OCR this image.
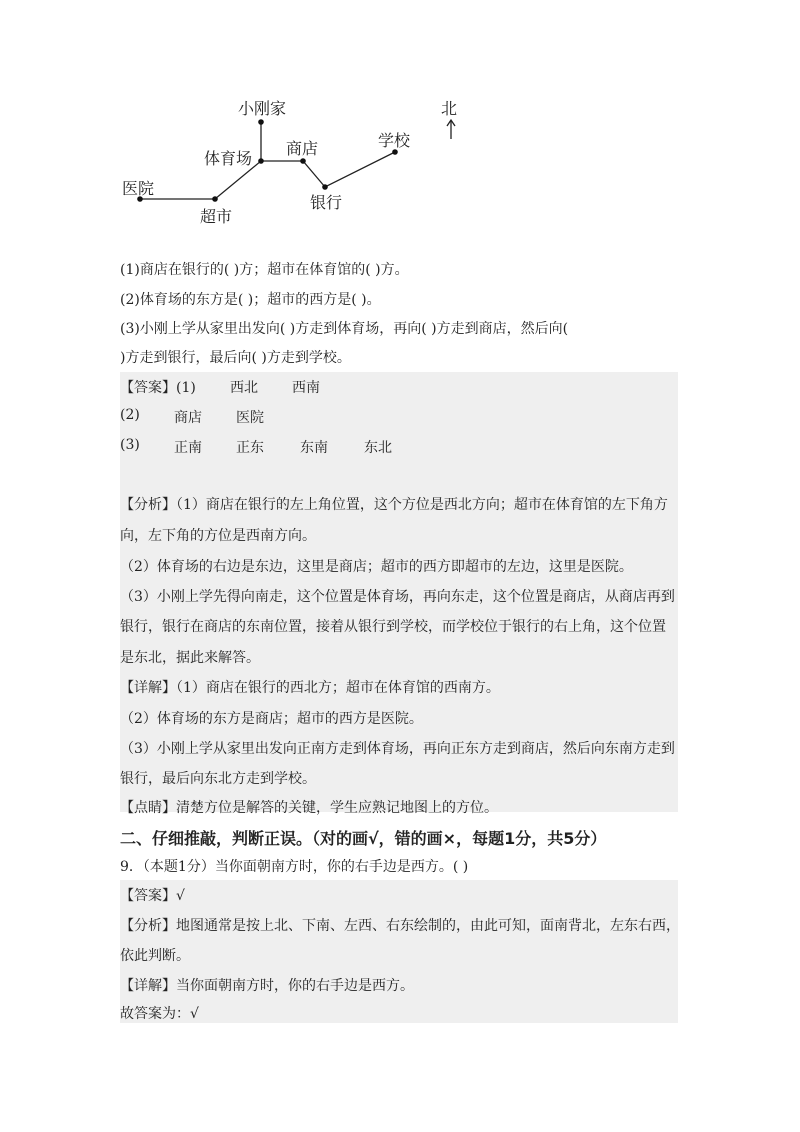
小刚家	北
商店	学校
体育场
医院
银行
超市
(1)商店在银行的( )方；超市在体育馆的( )方。
(2)体育场的东方是( )；超市的西方是( )。
(3)小刚上学从家里出发向( )方走到体育场，再向( )方走到商店，然后向(
)方走到银行，最后向( )方走到学校。
【答案】(1) 西北 西南
(2) 商店 医院
(3) 正南 正东	东南	东北
【分析】（1）商店在银行的左上角位置，这个方位是西北方向；超市在体育馆的左下角方
向，左下角的方位是西南方向。
（2）体育场的右边是东边，这里是商店；超市的西方即超市的左边，这里是医院。
（3）小刚上学先得向南走，这个位置是体育场，再向东走，这个位置是商店，从商店再到
银行，银行在商店的东南位置，接着从银行到学校，而学校位于银行的右上角，这个位置
是东北，据此来解答。
【详解】（1）商店在银行的西北方；超市在体育馆的西南方。
（2）体育场的东方是商店；超市的西方是医院。
（3）小刚上学从家里出发向正南方走到体育场，再向正东方走到商店，然后向东南方走到
银行，最后向东北方走到学校。
【点睛】清楚方位是解答的关键，学生应熟记地图上的方位。
二、仔细推敲，判断正误。（对的画√，错的画×，每题1分，共5分）
9．（本题1分）当你面朝南方时，你的右手边是西方。( )
【答案】√
【分析】地图通常是按上北、下南、左西、右东绘制的，由此可知，面南背北，左东右西，
依此判断。
【详解】当你面朝南方时，你的右手边是西方。
故答案为：√
